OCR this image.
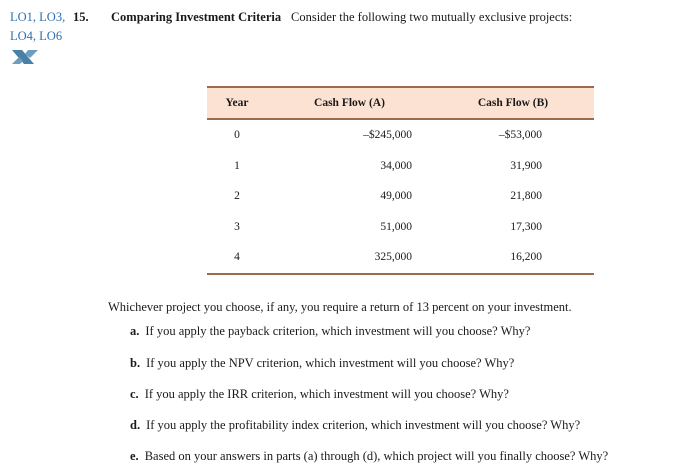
LO1, LO3, 15. Comparing Investment Criteria Consider the following two mutually exclusive projects:
LO4, LO6
Year	Cash Flow (A)	Cash Flow (B)
0	–$245,000	–$53,000
1	34,000	31,900
2	49,000	21,800
3	51,000	17,300
4	325,000	16,200
Whichever project you choose, if any, you require a return of 13 percent on your investment.
a. If you apply the payback criterion, which investment will you choose? Why?
b. If you apply the NPV criterion, which investment will you choose? Why?
c. If you apply the IRR criterion, which investment will you choose? Why?
d. If you apply the profitability index criterion, which investment will you choose? Why?
e. Based on your answers in parts (a) through (d), which project will you finally choose? Why?
